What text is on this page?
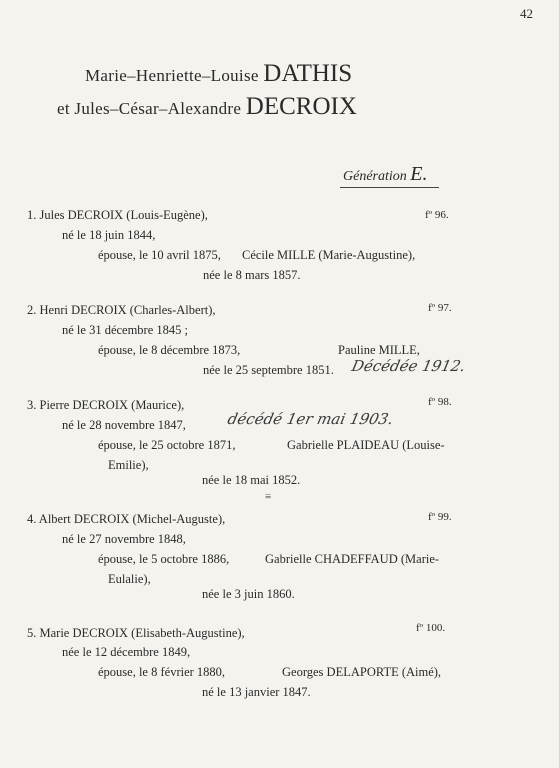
42
Marie–Henriette–Louise DATHIS
et Jules–César–Alexandre DECROIX
Génération E.
1. Jules DECROIX (Louis-Eugène),	fº 96.
né le 18 juin 1844,
épouse, le 10 avril 1875, Cécile MILLE (Marie-Augustine),
née le 8 mars 1857.
2. Henri DECROIX (Charles-Albert),	fº 97.
né le 31 décembre 1845 ;
épouse, le 8 décembre 1873,	Pauline MILLE,
née le 25 septembre 1851. Décédée 1912.
3. Pierre DECROIX (Maurice),	fº 98.
né le 28 novembre 1847,	décédé 1er mai 1903.
épouse, le 25 octobre 1871,	Gabrielle PLAIDEAU (Louise-
Emilie),
née le 18 mai 1852.
≡
4. Albert DECROIX (Michel-Auguste),	fº 99.
né le 27 novembre 1848,
épouse, le 5 octobre 1886,	Gabrielle CHADEFFAUD (Marie-
Eulalie),
née le 3 juin 1860.
5. Marie DECROIX (Elisabeth-Augustine),	fº 100.
née le 12 décembre 1849,
épouse, le 8 février 1880,	Georges DELAPORTE (Aimé),
né le 13 janvier 1847.
